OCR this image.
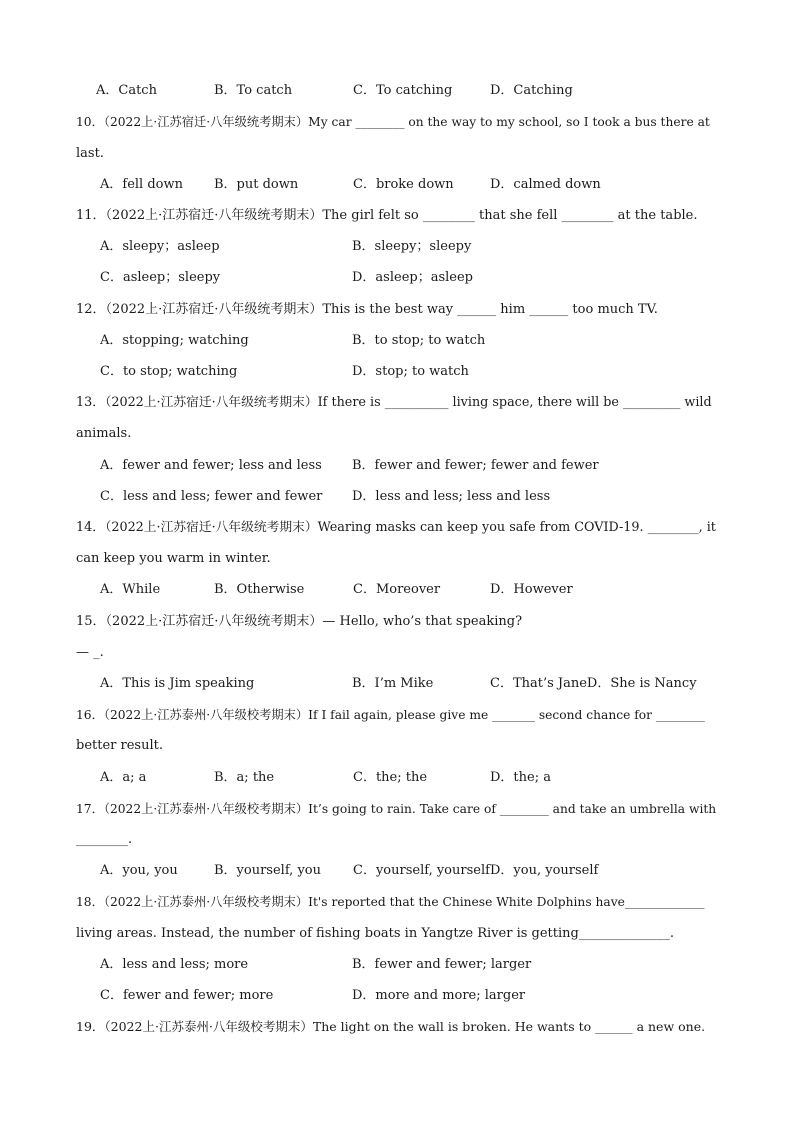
A．Catch	B．To catch	C．To catching	D．Catching
10．（2022上·江苏宿迁·八年级统考期末）My car ________ on the way to my school, so I took a bus there at
last.
A．fell down B．put down	C．broke down	D．calmed down
11．（2022上·江苏宿迁·八年级统考期末）The girl felt so ________ that she fell ________ at the table.
A．sleepy；asleep	B．sleepy；sleepy
C．asleep；sleepy	D．asleep；asleep
12．（2022上·江苏宿迁·八年级统考期末）This is the best way ______ him ______ too much TV.
A．stopping; watching	B．to stop; to watch
C．to stop; watching	D．stop; to watch
13．（2022上·江苏宿迁·八年级统考期末）If there is __________ living space, there will be _________ wild
animals.
A．fewer and fewer; less and less B．fewer and fewer; fewer and fewer
C．less and less; fewer and fewer D．less and less; less and less
14．（2022上·江苏宿迁·八年级统考期末）Wearing masks can keep you safe from COVID-19. ________, it
can keep you warm in winter.
A．While	B．Otherwise	C．Moreover	D．However
15．（2022上·江苏宿迁·八年级统考期末）— Hello, who’s that speaking?
— _.
A．This is Jim speaking	B．I’m Mike	C．That’s JaneD．She is Nancy
16．（2022上·江苏泰州·八年级校考期末）If I fail again, please give me _______ second chance for ________
better result.
A．a; a	B．a; the	C．the; the	D．the; a
17．（2022上·江苏泰州·八年级校考期末）It’s going to rain. Take care of ________ and take an umbrella with
________.
A．you, you	B．yourself, you C．yourself, yourself D．you, yourself
18．（2022上·江苏泰州·八年级校考期末）It's reported that the Chinese White Dolphins have_____________
living areas. Instead, the number of fishing boats in Yangtze River is getting______________.
A．less and less; more	B．fewer and fewer; larger
C．fewer and fewer; more	D．more and more; larger
19．（2022上·江苏泰州·八年级校考期末）The light on the wall is broken. He wants to ______ a new one.
